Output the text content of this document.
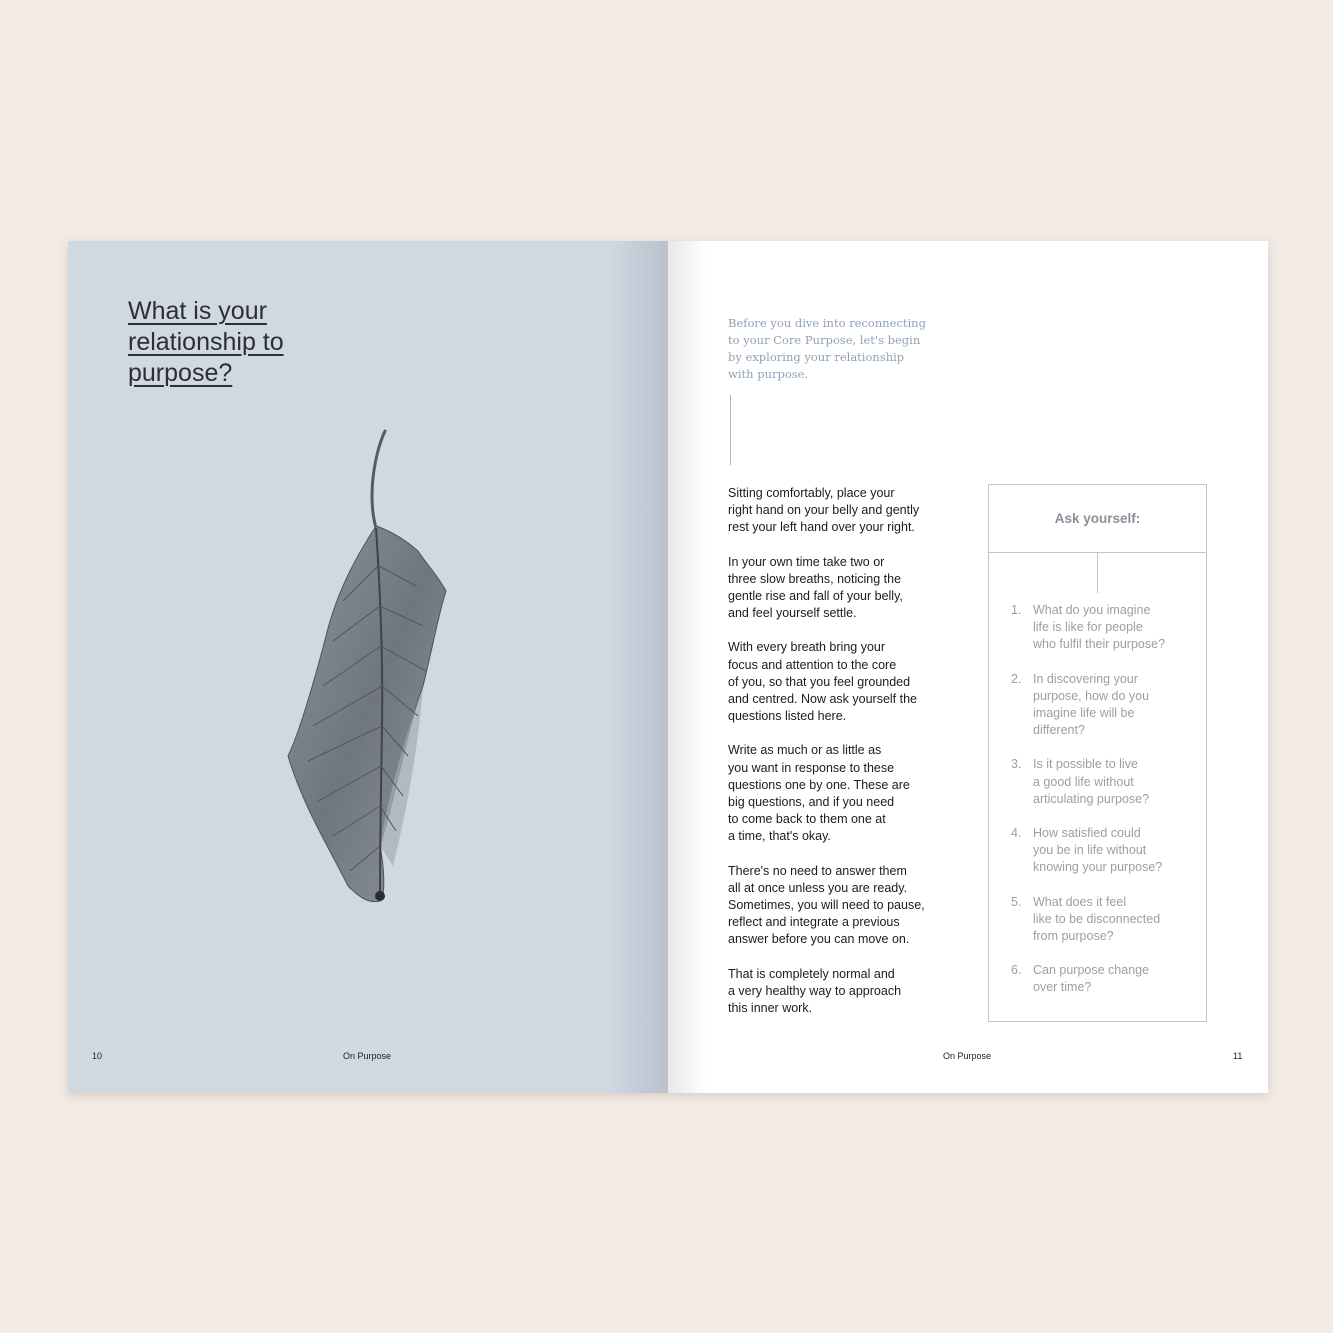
What is your
relationship to
purpose?
10	On Purpose
Before you dive into reconnecting
to your Core Purpose, let's begin
by exploring your relationship
with purpose.

Sitting comfortably, place your
right hand on your belly and gently
rest your left hand over your right.

In your own time take two or
three slow breaths, noticing the
gentle rise and fall of your belly,
and feel yourself settle.

With every breath bring your
focus and attention to the core
of you, so that you feel grounded
and centred. Now ask yourself the
questions listed here.

Write as much or as little as
you want in response to these
questions one by one. These are
big questions, and if you need
to come back to them one at
a time, that's okay.

There's no need to answer them
all at once unless you are ready.
Sometimes, you will need to pause,
reflect and integrate a previous
answer before you can move on.

That is completely normal and
a very healthy way to approach
this inner work.

Ask yourself:
1. What do you imagine
life is like for people
who fulfil their purpose?
2. In discovering your
purpose, how do you
imagine life will be
different?
3. Is it possible to live
a good life without
articulating purpose?
4. How satisfied could
you be in life without
knowing your purpose?
5. What does it feel
like to be disconnected
from purpose?
6. Can purpose change
over time?
On Purpose	11
